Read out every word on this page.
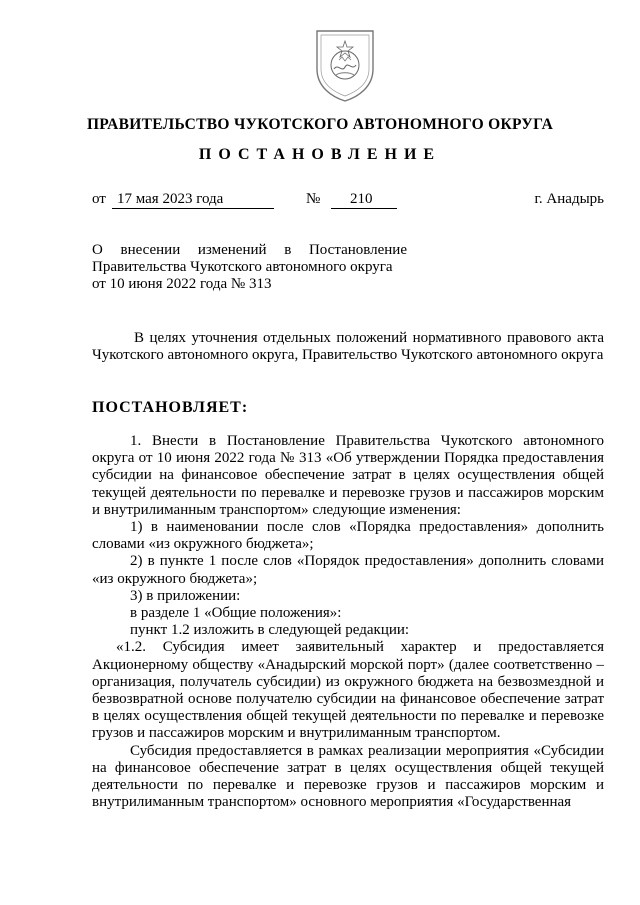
ПРАВИТЕЛЬСТВО ЧУКОТСКОГО АВТОНОМНОГО ОКРУГА
ПОСТАНОВЛЕНИЕ
от 17 мая 2023 года	№ 210	г. Анадырь
О внесении изменений в Постановление
Правительства Чукотского автономного округа
от 10 июня 2022 года № 313

В целях уточнения отдельных положений нормативного правового акта Чукотского автономного округа, Правительство Чукотского автономного округа

ПОСТАНОВЛЯЕТ:

1. Внести в Постановление Правительства Чукотского автономного округа от 10 июня 2022 года № 313 «Об утверждении Порядка предоставления субсидии на финансовое обеспечение затрат в целях осуществления общей текущей деятельности по перевалке и перевозке грузов и пассажиров морским и внутрилиманным транспортом» следующие изменения:

1) в наименовании после слов «Порядка предоставления» дополнить словами «из окружного бюджета»;

2) в пункте 1 после слов «Порядок предоставления» дополнить словами «из окружного бюджета»;

3) в приложении:

в разделе 1 «Общие положения»:

пункт 1.2 изложить в следующей редакции:

«1.2. Субсидия имеет заявительный характер и предоставляется Акционерному обществу «Анадырский морской порт» (далее соответственно – организация, получатель субсидии) из окружного бюджета на безвозмездной и безвозвратной основе получателю субсидии на финансовое обеспечение затрат в целях осуществления общей текущей деятельности по перевалке и перевозке грузов и пассажиров морским и внутрилиманным транспортом.

Субсидия предоставляется в рамках реализации мероприятия «Субсидии на финансовое обеспечение затрат в целях осуществления общей текущей деятельности по перевалке и перевозке грузов и пассажиров морским и внутрилиманным транспортом» основного мероприятия «Государственная
